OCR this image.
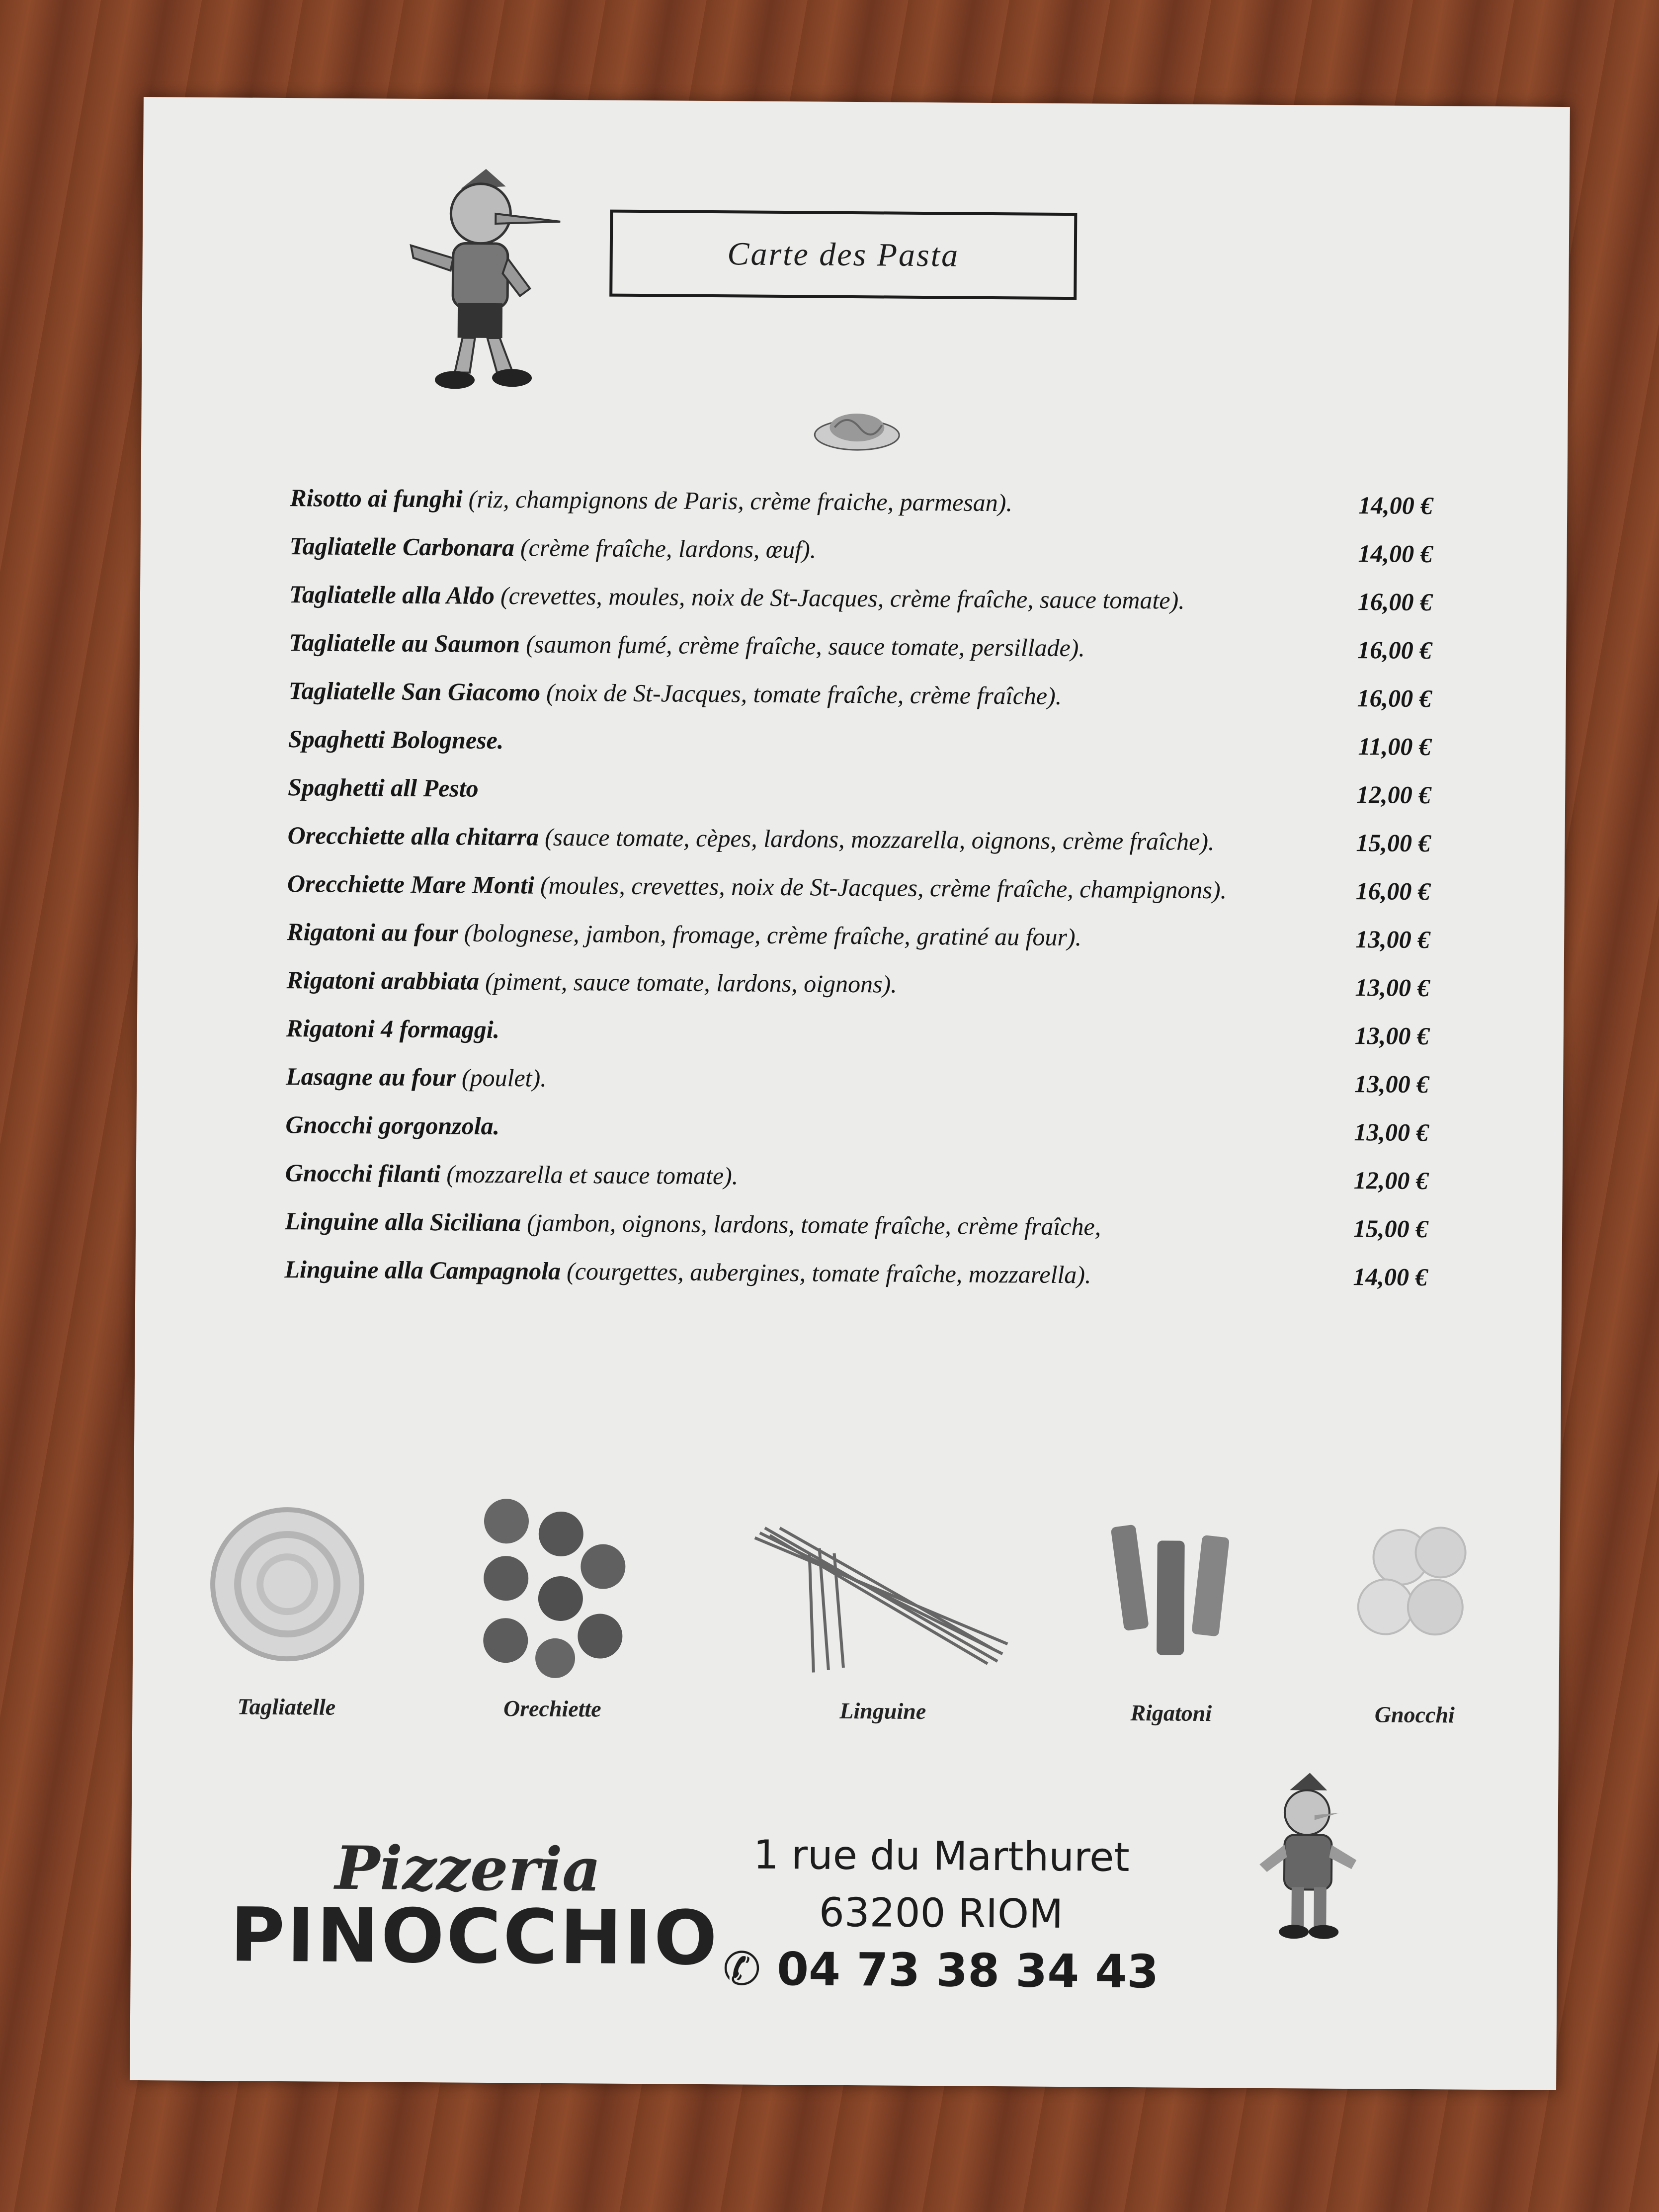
Carte des Pasta
Risotto ai funghi (riz, champignons de Paris, crème fraiche, parmesan).	14,00 €
Tagliatelle Carbonara (crème fraîche, lardons, œuf).	14,00 €
Tagliatelle alla Aldo (crevettes, moules, noix de St-Jacques, crème fraîche, sauce tomate).	16,00 €
Tagliatelle au Saumon (saumon fumé, crème fraîche, sauce tomate, persillade).	16,00 €
Tagliatelle San Giacomo (noix de St-Jacques, tomate fraîche, crème fraîche).	16,00 €
Spaghetti Bolognese.	11,00 €
Spaghetti all Pesto	12,00 €
Orecchiette alla chitarra (sauce tomate, cèpes, lardons, mozzarella, oignons, crème fraîche).	15,00 €
Orecchiette Mare Monti (moules, crevettes, noix de St-Jacques, crème fraîche, champignons).	16,00 €
Rigatoni au four (bolognese, jambon, fromage, crème fraîche, gratiné au four).	13,00 €
Rigatoni arabbiata (piment, sauce tomate, lardons, oignons).	13,00 €
Rigatoni 4 formaggi.	13,00 €
Lasagne au four (poulet).	13,00 €
Gnocchi gorgonzola.	13,00 €
Gnocchi filanti (mozzarella et sauce tomate).	12,00 €
Linguine alla Siciliana (jambon, oignons, lardons, tomate fraîche, crème fraîche,	15,00 €
Linguine alla Campagnola (courgettes, aubergines, tomate fraîche, mozzarella).	14,00 €
Tagliatelle	Orechiette	Linguine	Rigatoni	Gnocchi
Pizzeria
PINOCCHIO
1 rue du Marthuret
63200 RIOM
✆ 04 73 38 34 43
